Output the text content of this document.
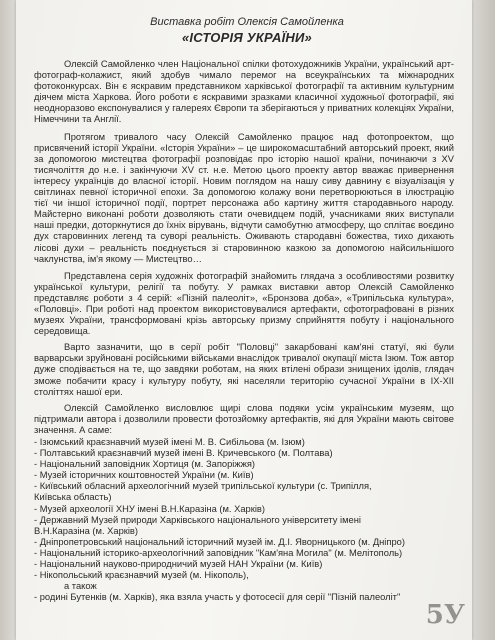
Виставка робіт Олексія Самойленка
«ІСТОРІЯ УКРАЇНИ»

Олексій Самойленко член Національної спілки фотохудожників України, український арт-фотограф-колажист, який здобув чимало перемог на всеукраїнських та міжнародних фотоконкурсах. Він є яскравим представником харківської фотографії та активним культурним діячем міста Харкова. Його роботи є яскравими зразками класичної художньої фотографії, які неодноразово експонувалися у галереях Європи та зберігаються у приватних колекціях України, Німеччини та Англії.

Протягом тривалого часу Олексій Самойленко працює над фотопроектом, що присвячений історії України. «Історія України» – це широкомасштабний авторський проект, який за допомогою мистецтва фотографії розповідає про історію нашої країни, починаючи з XV тисячоліття до н.е. і закінчуючи XV ст. н.е. Метою цього проекту автор вважає привернення інтересу українців до власної історії. Новим поглядом на нашу сиву давнину є візуалізація у світлинах певної історичної епохи. За допомогою колажу вони перетворюються в ілюстрацію тієї чи іншої історичної події, портрет персонажа або картину життя стародавнього народу. Майстерно виконані роботи дозволяють стати очевидцем подій, учасниками яких виступали наші предки, доторкнутися до їхніх вірувань, відчути самобутню атмосферу, що сплітає воєдино дух старовинних легенд та суворі реальність. Оживають стародавні божества, тихо дихають лісові духи – реальність поєднується зі старовинною казкою за допомогою найсильнішого чаклунства, ім'я якому — Мистецтво…

Представлена серія художніх фотографій знайомить глядача з особливостями розвитку української культури, релігії та побуту. У рамках виставки автор Олексій Самойленко представляє роботи з 4 серій: «Пізній палеоліт», «Бронзова доба», «Трипільська культура», «Половці». При роботі над проектом використовувалися артефакти, сфотографовані в різних музеях України, трансформовані крізь авторську призму сприйняття побуту і національного середовища.

Варто зазначити, що в серії робіт "Половці" закарбовані кам'яні статуї, які були варварськи зруйновані російськими військами внаслідок тривалої окупації міста Ізюм. Тож автор дуже сподівається на те, що завдяки роботам, на яких втілені образи знищених ідолів, глядач зможе побачити красу і культуру побуту, які населяли територію сучасної України в IX-XII століттях нашої ери.

Олексій Самойленко висловлює щирі слова подяки усім українським музеям, що підтримали автора і дозволили провести фотозйомку артефактів, які для України мають світове значення. А саме:

- Ізюмський краєзнавчий музей імені М. В. Сибільова (м. Ізюм)
- Полтавський краєзнавчий музей імені В. Кричевського (м. Полтава)
- Національний заповідник Хортиця (м. Запоріжжя)
- Музей історичних коштовностей України (м. Київ)
- Київський обласний археологічний музей трипільської культури (с. Трипілля,
Київська область)
- Музей археології ХНУ імені В.Н.Каразіна (м. Харків)
- Державний Музей природи Харківського національного університету імені
В.Н.Каразіна (м. Харків)
- Дніпропетровський національний історичний музей ім. Д.І. Яворницького (м. Дніпро)
- Національний історико-археологічний заповідник "Кам'яна Могила" (м. Мелітополь)
- Національний науково-природничий музей НАН України (м. Київ)
- Нікопольський краєзнавчий музей (м. Нікополь),
а також
- родині Бутенків (м. Харків), яка взяла участь у фотосесії для серії "Пізній палеоліт"
5У
